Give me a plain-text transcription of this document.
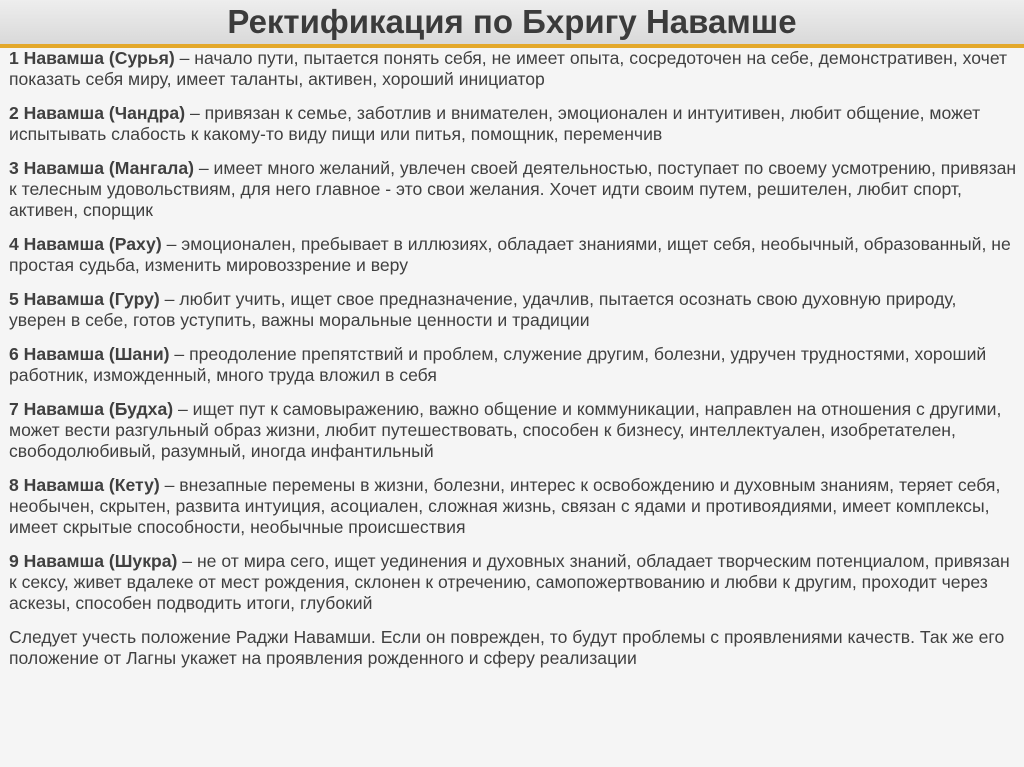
Ректификация по Бхригу Навамше

1 Навамша (Сурья) – начало пути, пытается понять себя, не имеет опыта, сосредоточен на себе, демонстративен, хочет показать себя миру, имеет таланты, активен, хороший инициатор

2 Навамша (Чандра) – привязан к семье, заботлив и внимателен, эмоционален и интуитивен, любит общение, может испытывать слабость к какому-то виду пищи или питья, помощник, переменчив

3 Навамша (Мангала) – имеет много желаний, увлечен своей деятельностью, поступает по своему усмотрению, привязан к телесным удовольствиям, для него главное - это свои желания. Хочет идти своим путем, решителен, любит спорт, активен, спорщик

4 Навамша (Раху) – эмоционален, пребывает в иллюзиях, обладает знаниями, ищет себя, необычный, образованный, не простая судьба, изменить мировоззрение и веру

5 Навамша (Гуру) – любит учить, ищет свое предназначение, удачлив, пытается осознать свою духовную природу, уверен в себе, готов уступить, важны моральные ценности и традиции

6 Навамша (Шани) – преодоление препятствий и проблем, служение другим, болезни, удручен трудностями, хороший работник, изможденный, много труда вложил в себя

7 Навамша (Будха) – ищет пут к самовыражению, важно общение и коммуникации, направлен на отношения с другими, может вести разгульный образ жизни, любит путешествовать, способен к бизнесу, интеллектуален, изобретателен, свободолюбивый, разумный, иногда инфантильный

8 Навамша (Кету) – внезапные перемены в жизни, болезни, интерес к освобождению и духовным знаниям, теряет себя, необычен, скрытен, развита интуиция, асоциален, сложная жизнь, связан с ядами и противоядиями, имеет комплексы, имеет скрытые способности, необычные происшествия

9 Навамша (Шукра) – не от мира сего, ищет уединения и духовных знаний, обладает творческим потенциалом, привязан к сексу, живет вдалеке от мест рождения, склонен к отречению, самопожертвованию и любви к другим, проходит через аскезы, способен подводить итоги, глубокий

Следует учесть положение Раджи Навамши. Если он поврежден, то будут проблемы с проявлениями качеств. Так же его положение от Лагны укажет на проявления рожденного и сферу реализации
